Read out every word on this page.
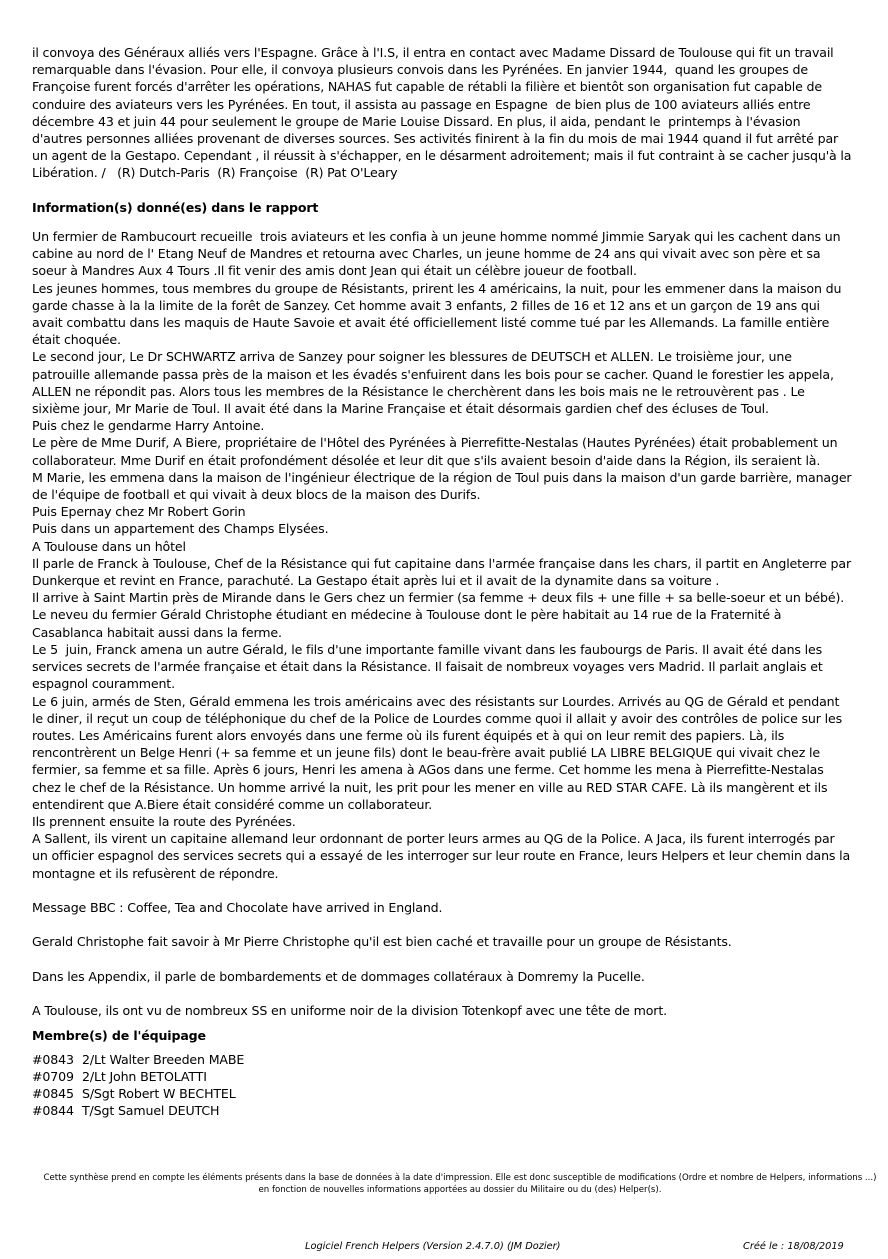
il convoya des Généraux alliés vers l'Espagne. Grâce à l'I.S, il entra en contact avec Madame Dissard de Toulouse qui fit un travail remarquable dans l'évasion. Pour elle, il convoya plusieurs convois dans les Pyrénées. En janvier 1944,  quand les groupes de Françoise furent forcés d'arrêter les opérations, NAHAS fut capable de rétabli la filière et bientôt son organisation fut capable de conduire des aviateurs vers les Pyrénées. En tout, il assista au passage en Espagne  de bien plus de 100 aviateurs alliés entre décembre 43 et juin 44 pour seulement le groupe de Marie Louise Dissard. En plus, il aida, pendant le  printemps à l'évasion d'autres personnes alliées provenant de diverses sources. Ses activités finirent à la fin du mois de mai 1944 quand il fut arrêté par un agent de la Gestapo. Cependant , il réussit à s'échapper, en le désarment adroitement; mais il fut contraint à se cacher jusqu'à la Libération. /   (R) Dutch-Paris  (R) Françoise  (R) Pat O'Leary

Information(s) donné(es) dans le rapport

Un fermier de Rambucourt recueille  trois aviateurs et les confia à un jeune homme nommé Jimmie Saryak qui les cachent dans un cabine au nord de l' Etang Neuf de Mandres et retourna avec Charles, un jeune homme de 24 ans qui vivait avec son père et sa soeur à Mandres Aux 4 Tours .Il fit venir des amis dont Jean qui était un célèbre joueur de football.

Les jeunes hommes, tous membres du groupe de Résistants, prirent les 4 américains, la nuit, pour les emmener dans la maison du garde chasse à la la limite de la forêt de Sanzey. Cet homme avait 3 enfants, 2 filles de 16 et 12 ans et un garçon de 19 ans qui avait combattu dans les maquis de Haute Savoie et avait été officiellement listé comme tué par les Allemands. La famille entière était choquée.

Le second jour, Le Dr SCHWARTZ arriva de Sanzey pour soigner les blessures de DEUTSCH et ALLEN. Le troisième jour, une patrouille allemande passa près de la maison et les évadés s'enfuirent dans les bois pour se cacher. Quand le forestier les appela, ALLEN ne répondit pas. Alors tous les membres de la Résistance le cherchèrent dans les bois mais ne le retrouvèrent pas . Le sixième jour, Mr Marie de Toul. Il avait été dans la Marine Française et était désormais gardien chef des écluses de Toul.

Puis chez le gendarme Harry Antoine.

Le père de Mme Durif, A Biere, propriétaire de l'Hôtel des Pyrénées à Pierrefitte-Nestalas (Hautes Pyrénées) était probablement un collaborateur. Mme Durif en était profondément désolée et leur dit que s'ils avaient besoin d'aide dans la Région, ils seraient là.

M Marie, les emmena dans la maison de l'ingénieur électrique de la région de Toul puis dans la maison d'un garde barrière, manager de l'équipe de football et qui vivait à deux blocs de la maison des Durifs.

Puis Epernay chez Mr Robert Gorin

Puis dans un appartement des Champs Elysées.

A Toulouse dans un hôtel

Il parle de Franck à Toulouse, Chef de la Résistance qui fut capitaine dans l'armée française dans les chars, il partit en Angleterre par Dunkerque et revint en France, parachuté. La Gestapo était après lui et il avait de la dynamite dans sa voiture .

Il arrive à Saint Martin près de Mirande dans le Gers chez un fermier (sa femme + deux fils + une fille + sa belle-soeur et un bébé). Le neveu du fermier Gérald Christophe étudiant en médecine à Toulouse dont le père habitait au 14 rue de la Fraternité à Casablanca habitait aussi dans la ferme.

Le 5  juin, Franck amena un autre Gérald, le fils d'une importante famille vivant dans les faubourgs de Paris. Il avait été dans les services secrets de l'armée française et était dans la Résistance. Il faisait de nombreux voyages vers Madrid. Il parlait anglais et espagnol couramment.

Le 6 juin, armés de Sten, Gérald emmena les trois américains avec des résistants sur Lourdes. Arrivés au QG de Gérald et pendant le diner, il reçut un coup de téléphonique du chef de la Police de Lourdes comme quoi il allait y avoir des contrôles de police sur les routes. Les Américains furent alors envoyés dans une ferme où ils furent équipés et à qui on leur remit des papiers. Là, ils rencontrèrent un Belge Henri (+ sa femme et un jeune fils) dont le beau-frère avait publié LA LIBRE BELGIQUE qui vivait chez le fermier, sa femme et sa fille. Après 6 jours, Henri les amena à AGos dans une ferme. Cet homme les mena à Pierrefitte-Nestalas chez le chef de la Résistance. Un homme arrivé la nuit, les prit pour les mener en ville au RED STAR CAFE. Là ils mangèrent et ils entendirent que A.Biere était considéré comme un collaborateur.

Ils prennent ensuite la route des Pyrénées.

A Sallent, ils virent un capitaine allemand leur ordonnant de porter leurs armes au QG de la Police. A Jaca, ils furent interrogés par un officier espagnol des services secrets qui a essayé de les interroger sur leur route en France, leurs Helpers et leur chemin dans la montagne et ils refusèrent de répondre.

Message BBC : Coffee, Tea and Chocolate have arrived in England.

Gerald Christophe fait savoir à Mr Pierre Christophe qu'il est bien caché et travaille pour un groupe de Résistants.

Dans les Appendix, il parle de bombardements et de dommages collatéraux à Domremy la Pucelle.

A Toulouse, ils ont vu de nombreux SS en uniforme noir de la division Totenkopf avec une tête de mort.

Membre(s) de l'équipage

#0843 2/Lt Walter Breeden MABE
#0709 2/Lt John BETOLATTI
#0845 S/Sgt Robert W BECHTEL
#0844 T/Sgt Samuel DEUTCH

Cette synthèse prend en compte les éléments présents dans la base de données à la date d'impression. Elle est donc susceptible de modifications (Ordre et nombre de Helpers, informations ...)

en fonction de nouvelles informations apportées au dossier du Militaire ou du (des) Helper(s).

Logiciel French Helpers (Version 2.4.7.0) (JM Dozier)	Créé le : 18/08/2019
